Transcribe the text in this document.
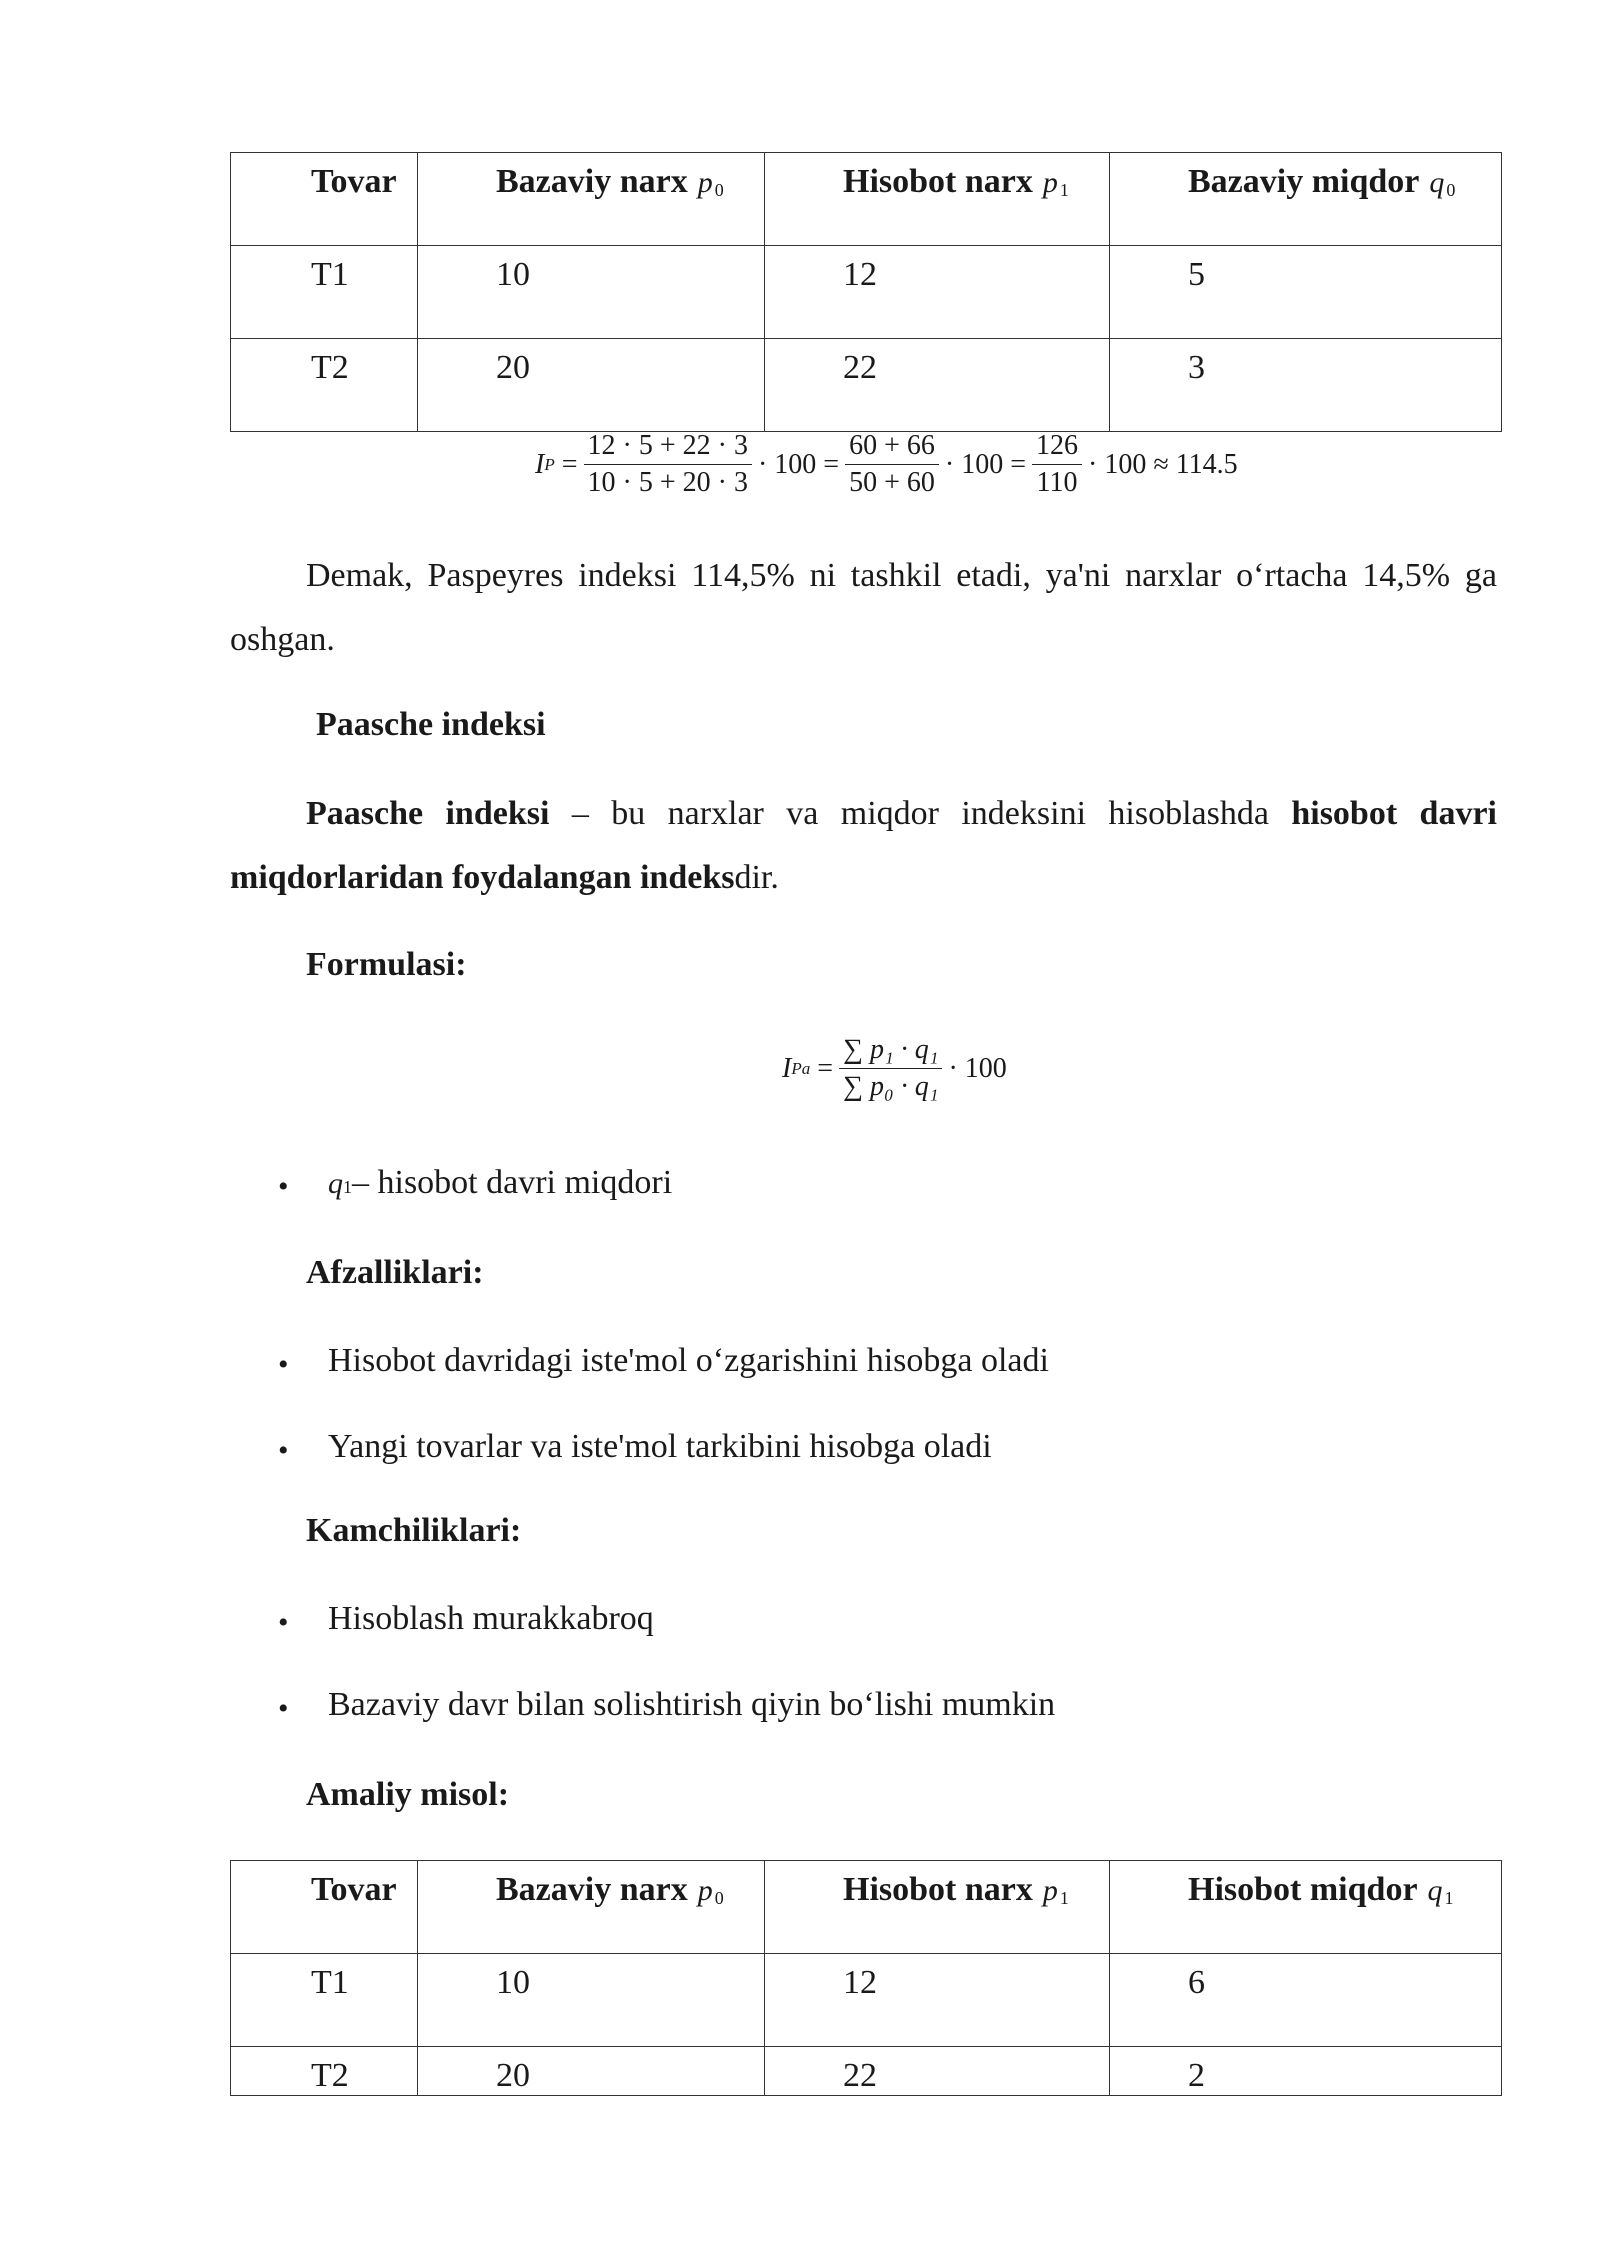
Tovar	Bazaviy narx p $_0$	Hisobot narx p $_1$	Bazaviy miqdor q $_0$

T1	10	12	5

T2	20	22	3
I $P = \frac{12 \cdot 5 + 22 \cdot 3}{10 \cdot 5 + 20 \cdot 3} \cdot 100 = \frac{60 + 66}{50 + 60} \cdot 100 = \frac{126}{110} \cdot 100 \approx 114.5$
Demak, Paspeyres indeksi 114,5% ni tashkil etadi, ya'ni narxlar o‘rtacha 14,5% ga oshgan.
Paasche indeksi
Paasche indeksi – bu narxlar va miqdor indeksini hisoblashda hisobot davri miqdorlaridan foydalangan indeksdir.
Formulasi:
I $Pa = \frac{\text{∑ p₁ · q₁}}{\text{∑ p₀ · q₁}} \cdot 100$
• q 1 – hisobot davri miqdori
Afzalliklari:
• Hisobot davridagi iste'mol o‘zgarishini hisobga oladi
• Yangi tovarlar va iste'mol tarkibini hisobga oladi
Kamchiliklari:
• Hisoblash murakkabroq
• Bazaviy davr bilan solishtirish qiyin bo‘lishi mumkin
Amaliy misol:
Tovar	Bazaviy narx p $_0$	Hisobot narx p $_1$	Hisobot miqdor q $_1$

T1	10	12	6

T2	20	22	2
